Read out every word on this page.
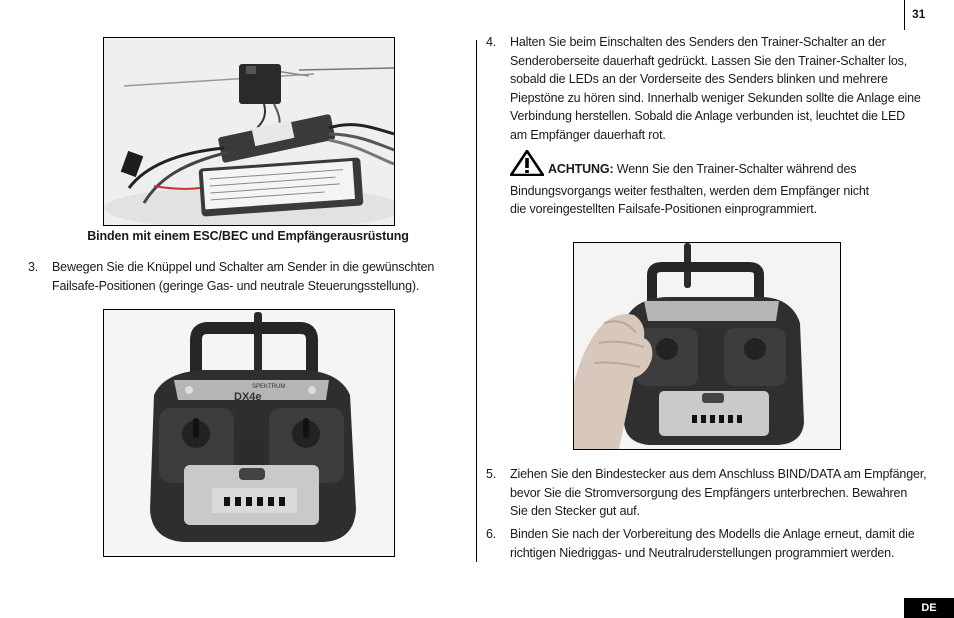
31
Binden mit einem ESC/BEC und Empfängerausrüstung
3. Bewegen Sie die Knüppel und Schalter am Sender in die gewünschten
Failsafe-Positionen (geringe Gas- und neutrale Steuerungsstellung).
SPEKTRUM
DX4e
4. Halten Sie beim Einschalten des Senders den Trainer-Schalter an der
Senderoberseite dauerhaft gedrückt. Lassen Sie den Trainer-Schalter los,
sobald die LEDs an der Vorderseite des Senders blinken und mehrere
Piepstöne zu hören sind. Innerhalb weniger Sekunden sollte die Anlage eine
Verbindung herstellen. Sobald die Anlage verbunden ist, leuchtet die LED
am Empfänger dauerhaft rot.
ACHTUNG: Wenn Sie den Trainer-Schalter während des
Bindungsvorgangs weiter festhalten, werden dem Empfänger nicht
die voreingestellten Failsafe-Positionen einprogrammiert.
5. Ziehen Sie den Bindestecker aus dem Anschluss BIND/DATA am Empfänger,
bevor Sie die Stromversorgung des Empfängers unterbrechen. Bewahren
Sie den Stecker gut auf.
6. Binden Sie nach der Vorbereitung des Modells die Anlage erneut, damit die
richtigen Niedriggas- und Neutralruderstellungen programmiert werden.
DE
